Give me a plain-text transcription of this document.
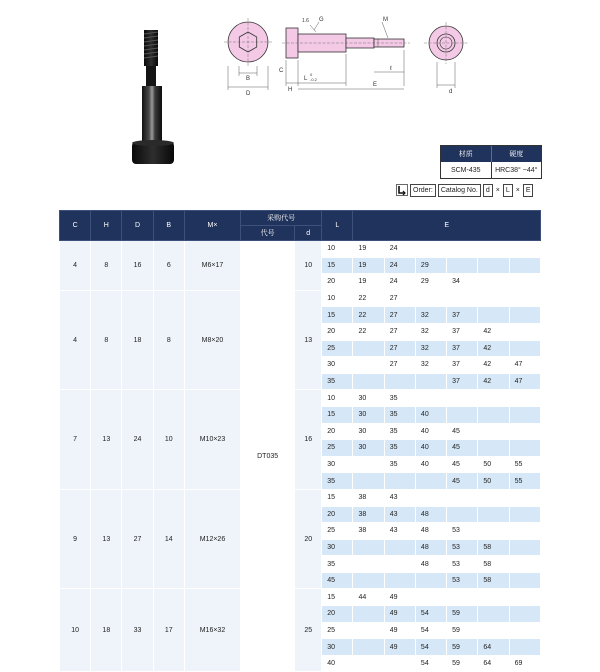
B
D
1.6 G	M
C
H
L
0
-0.2
E
ℓ
d
材质	硬度
SCM-435	HRC38° ~44°
Order:	Catalog No.	d × L × E
C	H	D	B	M×	采购代号		L	E					
					代号	d							
4	8	16	6	M6×17	DT035	10	10	19	24				
							15	19	24	29			
							20	19	24	29	34		
4	8	18	8	M8×20		13	10	22	27				
							15	22	27	32	37		
							20	22	27	32	37	42	
							25		27	32	37	42	
							30		27	32	37	42	47
							35				37	42	47
7	13	24	10	M10×23		16	10	30	35				
							15	30	35	40			
							20	30	35	40	45		
							25	30	35	40	45		
							30		35	40	45	50	55
							35				45	50	55
9	13	27	14	M12×26		20	15	38	43				
							20	38	43	48			
							25	38	43	48	53		
							30			48	53	58	
							35			48	53	58	
							45				53	58	
10	18	33	17	M16×32		25	15	44	49				
							20		49	54	59		
							25		49	54	59		
							30		49	54	59	64	
							40			54	59	64	69
